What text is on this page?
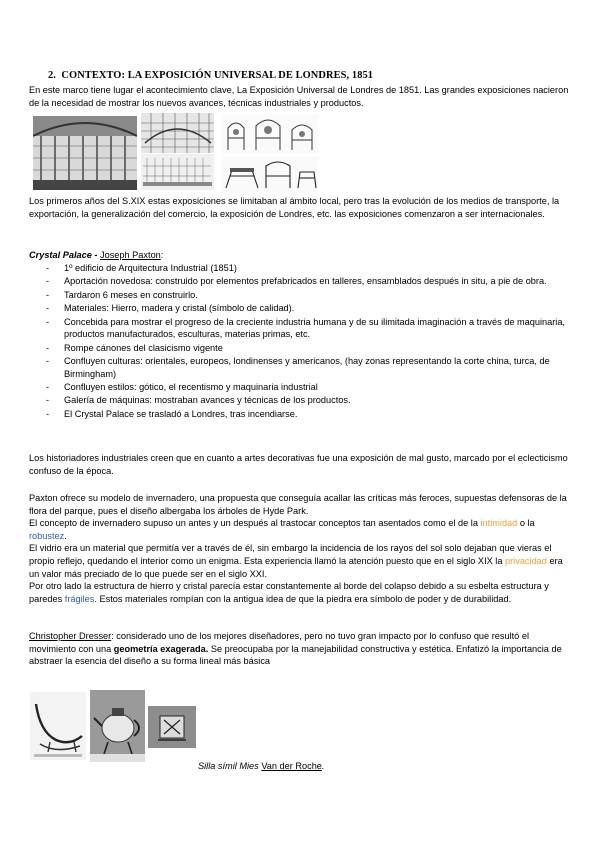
2. CONTEXTO: LA EXPOSICIÓN UNIVERSAL DE LONDRES, 1851

En este marco tiene lugar el acontecimiento clave, La Exposición Universal de Londres de 1851. Las grandes exposiciones nacieron de la necesidad de mostrar los nuevos avances, técnicas industriales y productos.

Los primeros años del S.XIX estas exposiciones se limitaban al ámbito local, pero tras la evolución de los medios de transporte, la exportación, la generalización del comercio, la exposición de Londres, etc. las exposiciones comenzaron a ser internacionales.

Crystal Palace - Joseph Paxton:
- 1º edificio de Arquitectura Industrial (1851)
- Aportación novedosa: construido por elementos prefabricados en talleres, ensamblados después in situ, a pie de obra.
- Tardaron 6 meses en construirlo.
- Materiales: Hierro, madera y cristal (símbolo de calidad).
- Concebida para mostrar el progreso de la creciente industria humana y de su ilimitada imaginación a través de maquinaria, productos manufacturados, esculturas, materias primas, etc.
- Rompe cánones del clasicismo vigente
- Confluyen culturas: orientales, europeos, londinenses y americanos, (hay zonas representando la corte china, turca, de Birmingham)
- Confluyen estilos: gótico, el recentismo y maquinaria industrial
- Galería de máquinas: mostraban avances y técnicas de los productos.
- El Crystal Palace se trasladó a Londres, tras incendiarse.

Los historiadores industriales creen que en cuanto a artes decorativas fue una exposición de mal gusto, marcado por el eclecticismo confuso de la época.

Paxton ofrece su modelo de invernadero, una propuesta que conseguía acallar las críticas más feroces, supuestas defensoras de la flora del parque, pues el diseño albergaba los árboles de Hyde Park.
El concepto de invernadero supuso un antes y un después al trastocar conceptos tan asentados como el de la intimidad o la robustez.
El vidrio era un material que permitía ver a través de él, sin embargo la incidencia de los rayos del sol solo dejaban que vieras el propio reflejo, quedando el interior como un enigma. Esta experiencia llamó la atención puesto que en el siglo XIX la privacidad era un valor más preciado de lo que puede ser en el siglo XXI.
Por otro lado la estructura de hierro y cristal parecía estar constantemente al borde del colapso debido a su esbelta estructura y paredes frágiles. Estos materiales rompían con la antigua idea de que la piedra era símbolo de poder y de durabilidad.
Christopher Dresser: considerado uno de los mejores diseñadores, pero no tuvo gran impacto por lo confuso que resultó el movimiento con una geometría exagerada. Se preocupaba por la manejabilidad constructiva y estética. Enfatizó la importancia de abstraer la esencia del diseño a su forma lineal más básica
Silla símil Mies Van der Roche.
